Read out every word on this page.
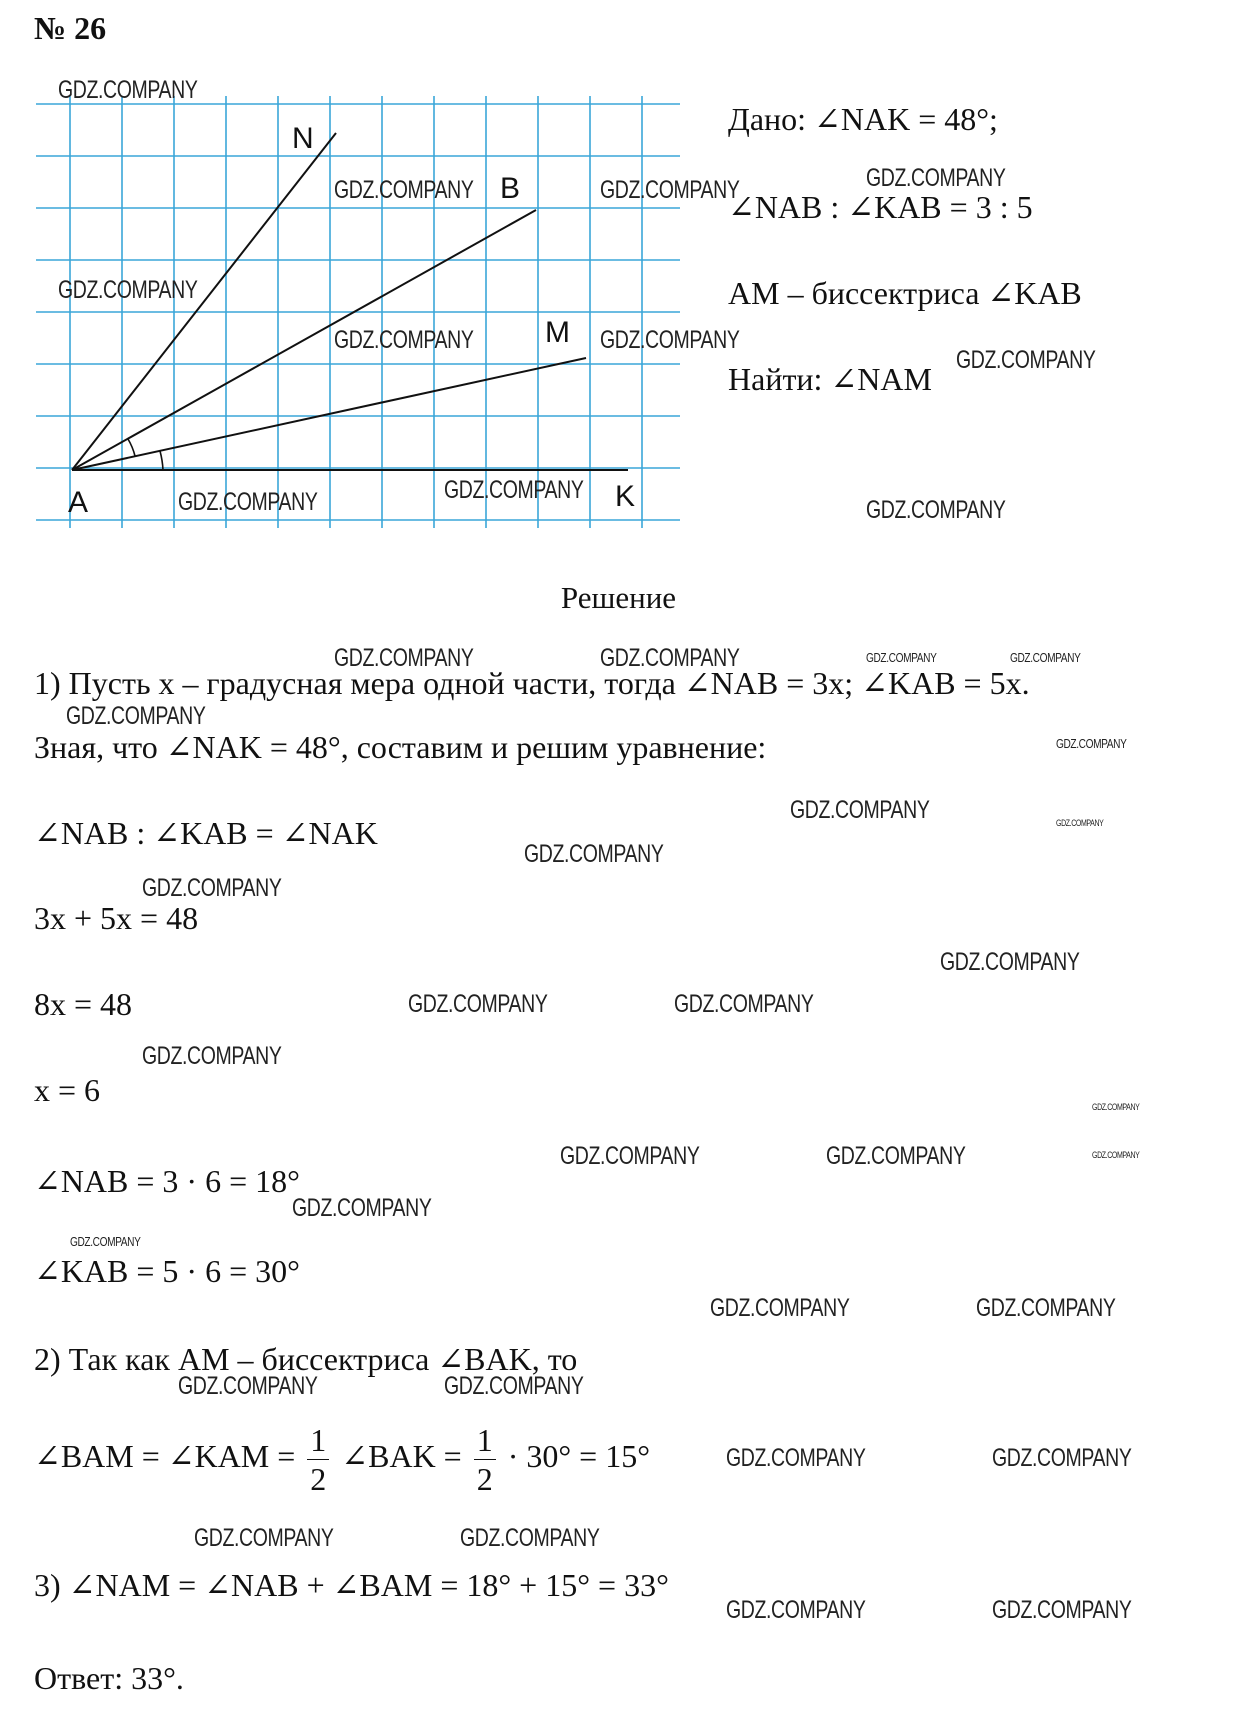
№ 26
N
B
M
A	K
Дано: ∠NAK = 48°;
∠NAB : ∠KAB = 3 : 5
AM – биссектриса ∠KAB
Найти: ∠NAM
Решение
1) Пусть x – градусная мера одной части, тогда ∠NAB = 3x; ∠KAB = 5x.
Зная, что ∠NAK = 48°, составим и решим уравнение:
∠NAB : ∠KAB = ∠NAK
3x + 5x = 48
8x = 48
x = 6
∠NAB = 3 · 6 = 18°
∠KAB = 5 · 6 = 30°
2) Так как AM – биссектриса ∠BAK, то
∠BAM = ∠KAM = $\frac{1}{2}$ ∠BAK = $\frac{1}{2} \cdot 30^\circ = 15^\circ$
3) ∠NAM = ∠NAB + ∠BAM = 18° + 15° = 33°
Ответ: 33°.
GDZ.COMPANY
GDZ.COMPANY	GDZ.COMPANY	GDZ.COMPANY
GDZ.COMPANY
GDZ.COMPANY	GDZ.COMPANY
GDZ.COMPANY
GDZ.COMPANY	GDZ.COMPANY
GDZ.COMPANY
GDZ.COMPANY	GDZ.COMPANY	GDZ.COMPANY	GDZ.COMPANY
GDZ.COMPANY
GDZ.COMPANY
GDZ.COMPANY	GDZ.COMPANY
GDZ.COMPANY
GDZ.COMPANY
GDZ.COMPANY
GDZ.COMPANY	GDZ.COMPANY
GDZ.COMPANY
GDZ.COMPANY
GDZ.COMPANY	GDZ.COMPANY	GDZ.COMPANY
GDZ.COMPANY
GDZ.COMPANY
GDZ.COMPANY	GDZ.COMPANY
GDZ.COMPANY	GDZ.COMPANY
GDZ.COMPANY	GDZ.COMPANY
GDZ.COMPANY	GDZ.COMPANY
GDZ.COMPANY	GDZ.COMPANY
